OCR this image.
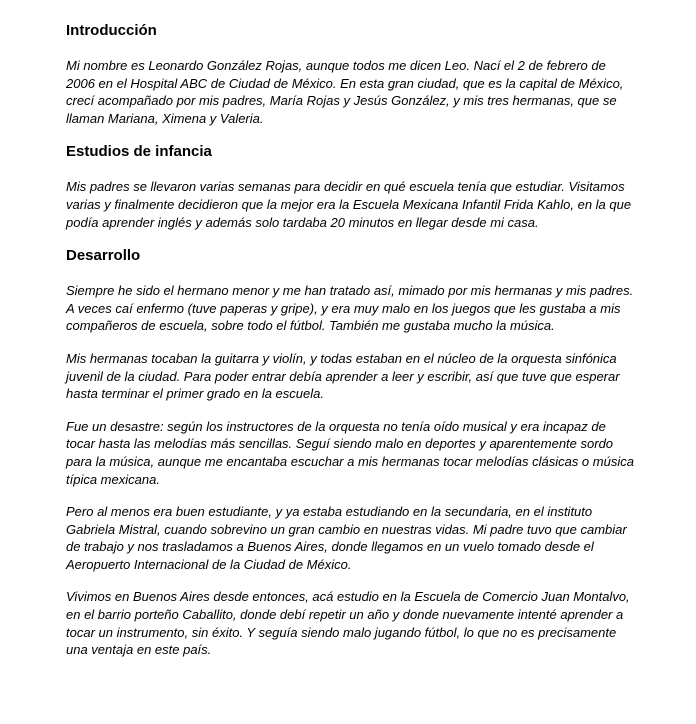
Introducción

Mi nombre es Leonardo González Rojas, aunque todos me dicen Leo. Nací el 2 de febrero de 2006 en el Hospital ABC de Ciudad de México. En esta gran ciudad, que es la capital de México, crecí acompañado por mis padres, María Rojas y Jesús González, y mis tres hermanas, que se llaman Mariana, Ximena y Valeria.

Estudios de infancia

Mis padres se llevaron varias semanas para decidir en qué escuela tenía que estudiar. Visitamos varias y finalmente decidieron que la mejor era la Escuela Mexicana Infantil Frida Kahlo, en la que podía aprender inglés y además solo tardaba 20 minutos en llegar desde mi casa.

Desarrollo

Siempre he sido el hermano menor y me han tratado así, mimado por mis hermanas y mis padres. A veces caí enfermo (tuve paperas y gripe), y era muy malo en los juegos que les gustaba a mis compañeros de escuela, sobre todo el fútbol. También me gustaba mucho la música.

Mis hermanas tocaban la guitarra y violín, y todas estaban en el núcleo de la orquesta sinfónica juvenil de la ciudad. Para poder entrar debía aprender a leer y escribir, así que tuve que esperar hasta terminar el primer grado en la escuela.

Fue un desastre: según los instructores de la orquesta no tenía oído musical y era incapaz de tocar hasta las melodías más sencillas. Seguí siendo malo en deportes y aparentemente sordo para la música, aunque me encantaba escuchar a mis hermanas tocar melodías clásicas o música típica mexicana.

Pero al menos era buen estudiante, y ya estaba estudiando en la secundaria, en el instituto Gabriela Mistral, cuando sobrevino un gran cambio en nuestras vidas. Mi padre tuvo que cambiar de trabajo y nos trasladamos a Buenos Aires, donde llegamos en un vuelo tomado desde el Aeropuerto Internacional de la Ciudad de México.

Vivimos en Buenos Aires desde entonces, acá estudio en la Escuela de Comercio Juan Montalvo, en el barrio porteño Caballito, donde debí repetir un año y donde nuevamente intenté aprender a tocar un instrumento, sin éxito. Y seguía siendo malo jugando fútbol, lo que no es precisamente una ventaja en este país.
